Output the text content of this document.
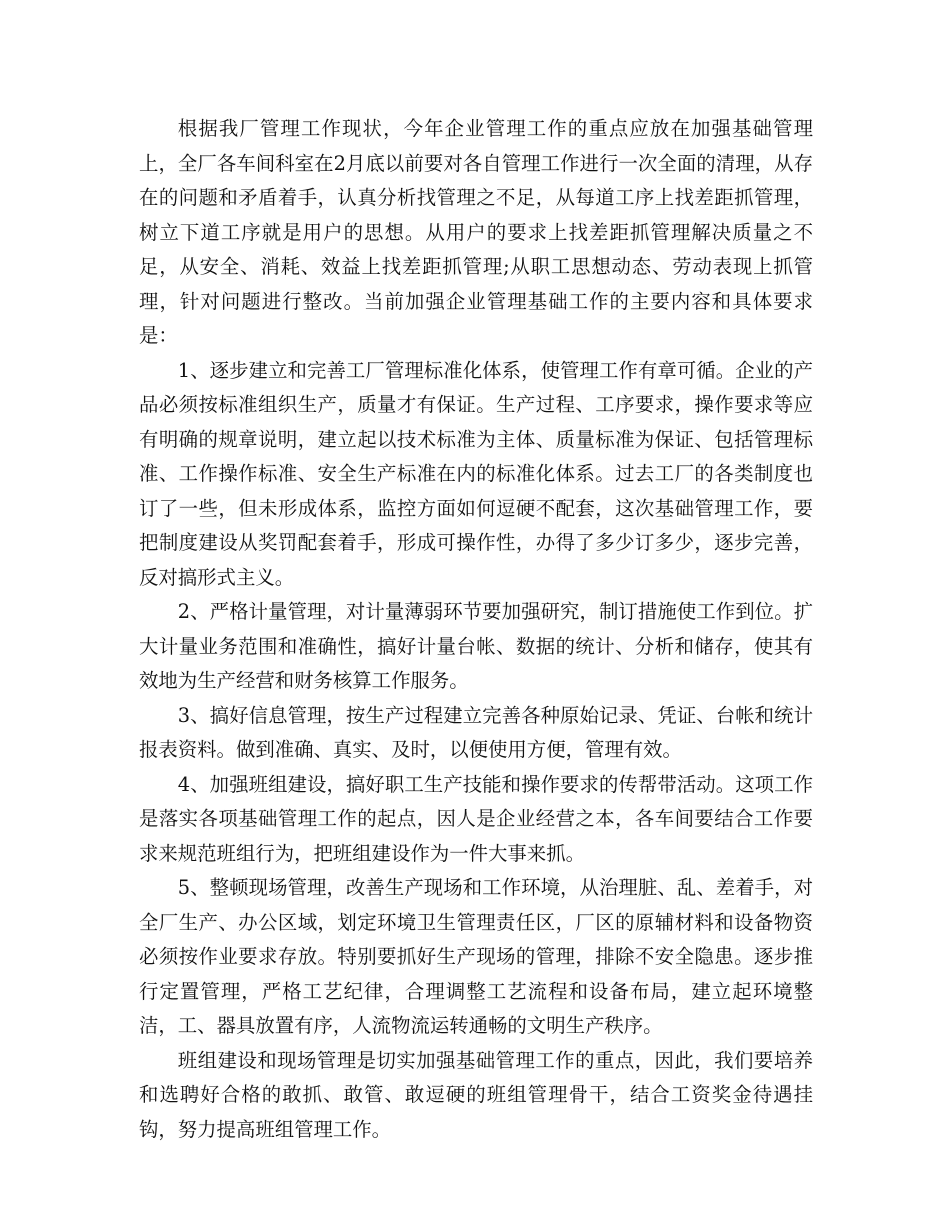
根据我厂管理工作现状，今年企业管理工作的重点应放在加强基础管理上，全厂各车间科室在2月底以前要对各自管理工作进行一次全面的清理，从存在的问题和矛盾着手，认真分析找管理之不足，从每道工序上找差距抓管理，树立下道工序就是用户的思想。从用户的要求上找差距抓管理解决质量之不足，从安全、消耗、效益上找差距抓管理;从职工思想动态、劳动表现上抓管理，针对问题进行整改。当前加强企业管理基础工作的主要内容和具体要求是：

1、逐步建立和完善工厂管理标准化体系，使管理工作有章可循。企业的产品必须按标准组织生产，质量才有保证。生产过程、工序要求，操作要求等应有明确的规章说明，建立起以技术标准为主体、质量标准为保证、包括管理标准、工作操作标准、安全生产标准在内的标准化体系。过去工厂的各类制度也订了一些，但未形成体系，监控方面如何逗硬不配套，这次基础管理工作，要把制度建设从奖罚配套着手，形成可操作性，办得了多少订多少，逐步完善，反对搞形式主义。

2、严格计量管理，对计量薄弱环节要加强研究，制订措施使工作到位。扩大计量业务范围和准确性，搞好计量台帐、数据的统计、分析和储存，使其有效地为生产经营和财务核算工作服务。

3、搞好信息管理，按生产过程建立完善各种原始记录、凭证、台帐和统计报表资料。做到准确、真实、及时，以便使用方便，管理有效。

4、加强班组建设，搞好职工生产技能和操作要求的传帮带活动。这项工作是落实各项基础管理工作的起点，因人是企业经营之本，各车间要结合工作要求来规范班组行为，把班组建设作为一件大事来抓。

5、整顿现场管理，改善生产现场和工作环境，从治理脏、乱、差着手，对全厂生产、办公区域，划定环境卫生管理责任区，厂区的原辅材料和设备物资必须按作业要求存放。特别要抓好生产现场的管理，排除不安全隐患。逐步推行定置管理，严格工艺纪律，合理调整工艺流程和设备布局，建立起环境整洁，工、器具放置有序，人流物流运转通畅的文明生产秩序。

班组建设和现场管理是切实加强基础管理工作的重点，因此，我们要培养和选聘好合格的敢抓、敢管、敢逗硬的班组管理骨干，结合工资奖金待遇挂钩，努力提高班组管理工作。
